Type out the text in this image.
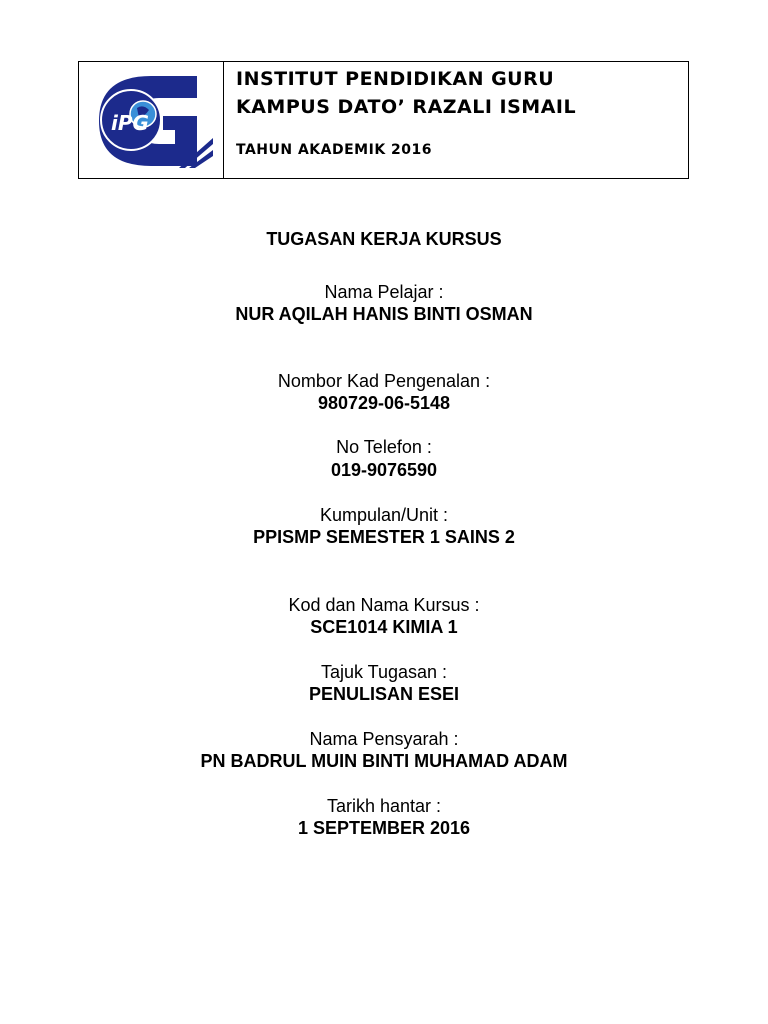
iPG
INSTITUT PENDIDIKAN GURU
KAMPUS DATO’ RAZALI ISMAIL
TAHUN AKADEMIK 2016
TUGASAN KERJA KURSUS
Nama Pelajar :
NUR AQILAH HANIS BINTI OSMAN
Nombor Kad Pengenalan :
980729-06-5148
No Telefon :
019-9076590
Kumpulan/Unit :
PPISMP SEMESTER 1 SAINS 2
Kod dan Nama Kursus :
SCE1014 KIMIA 1
Tajuk Tugasan :
PENULISAN ESEI
Nama Pensyarah :
PN BADRUL MUIN BINTI MUHAMAD ADAM
Tarikh hantar :
1 SEPTEMBER 2016
